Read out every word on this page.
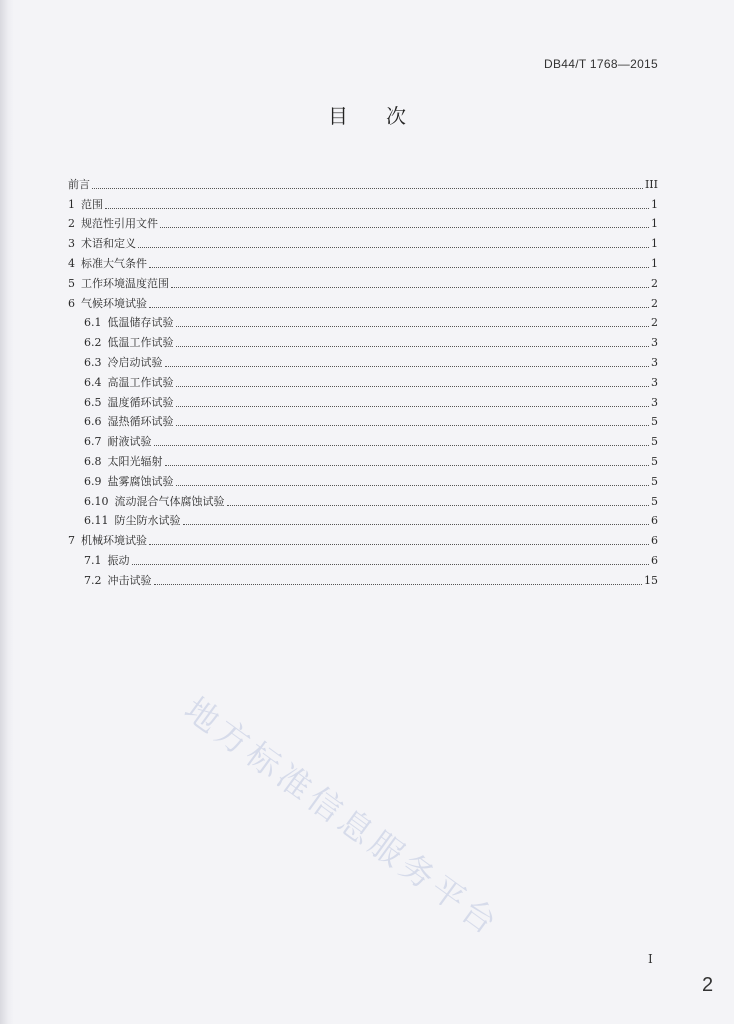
DB44/T 1768—2015
目次
前言	III
1 范围	1
2 规范性引用文件	1
3 术语和定义	1
4 标准大气条件	1
5 工作环境温度范围	2
6 气候环境试验	2
6.1 低温储存试验	2
6.2 低温工作试验	3
6.3 冷启动试验	3
6.4 高温工作试验	3
6.5 温度循环试验	3
6.6 湿热循环试验	5
6.7 耐液试验	5
6.8 太阳光辐射	5
6.9 盐雾腐蚀试验	5
6.10 流动混合气体腐蚀试验	5
6.11 防尘防水试验	6
7 机械环境试验	6
7.1 振动	6
7.2 冲击试验	15
地方标准信息服务平台
I
2
